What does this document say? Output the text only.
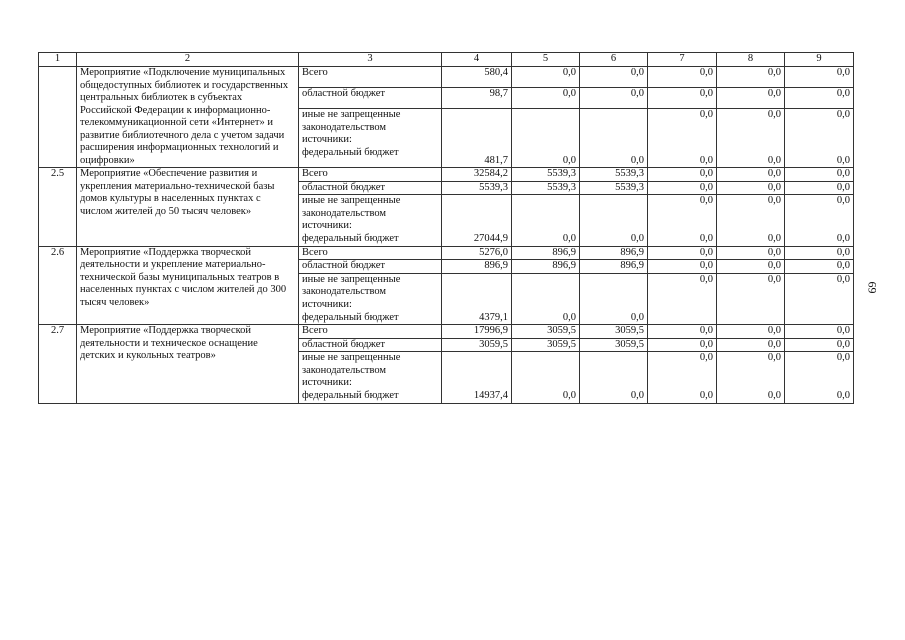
1	2	3	4	5	6	7	8	9
	Мероприятие «Подключение муниципальных общедоступных библиотек и государственных центральных библиотек в субъектах Российской Федерации к информационно-телекоммуникационной сети «Интернет» и развитие библиотечного дела с учетом задачи расширения информационных технологий и оцифровки»	Всего	580,4	0,0	0,0	0,0	0,0	0,0
		областной бюджет	98,7	0,0	0,0	0,0	0,0	0,0
		иные не запрещенные законодательством источники:				0,0	0,0	0,0
		федеральный бюджет	481,7	0,0	0,0	0,0	0,0	0,0
2.5	Мероприятие «Обеспечение развития и укрепления материально-технической базы домов культуры в населенных пунктах с числом жителей до 50 тысяч человек»	Всего	32584,2	5539,3	5539,3	0,0	0,0	0,0
		областной бюджет	5539,3	5539,3	5539,3	0,0	0,0	0,0
		иные не запрещенные законодательством источники:				0,0	0,0	0,0
		федеральный бюджет	27044,9	0,0	0,0	0,0	0,0	0,0
2.6	Мероприятие «Поддержка творческой деятельности и укрепление материально-технической базы муниципальных театров в населенных пунктах с числом жителей до 300 тысяч человек»	Всего	5276,0	896,9	896,9	0,0	0,0	0,0
		областной бюджет	896,9	896,9	896,9	0,0	0,0	0,0
		иные не запрещенные законодательством источники:				0,0	0,0	0,0
		федеральный бюджет	4379,1	0,0	0,0			
2.7	Мероприятие «Поддержка творческой деятельности и техническое оснащение детских и кукольных театров»	Всего	17996,9	3059,5	3059,5	0,0	0,0	0,0
		областной бюджет	3059,5	3059,5	3059,5	0,0	0,0	0,0
		иные не запрещенные законодательством источники:				0,0	0,0	0,0
		федеральный бюджет	14937,4	0,0	0,0	0,0	0,0	0,0
69
